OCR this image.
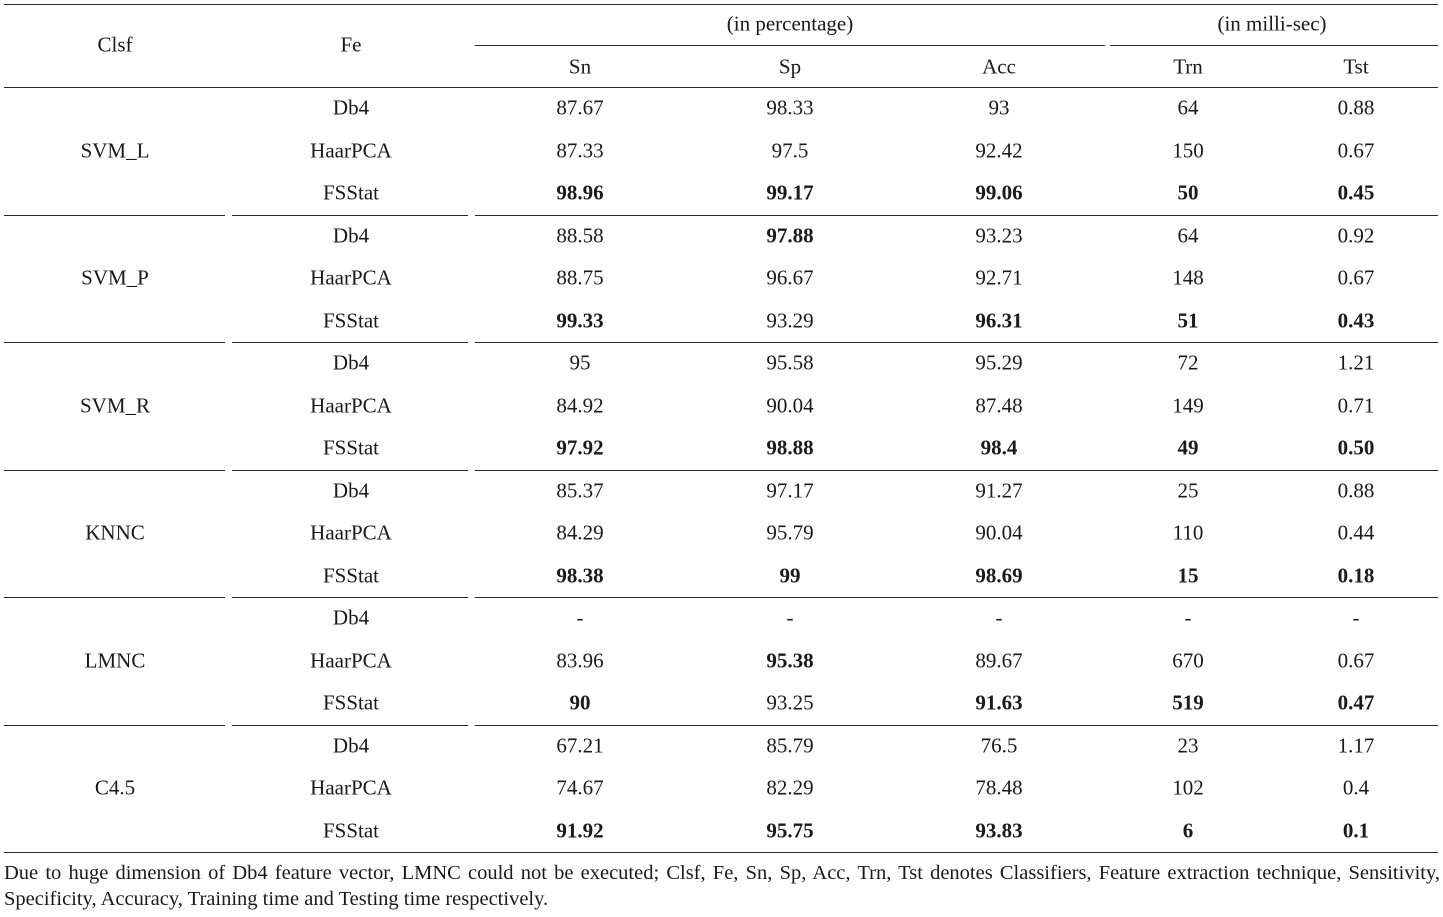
Clsf	Fe
(in percentage)	(in milli-sec)
Sn	Sp	Acc	Trn	Tst
SVM_L
Db4	87.67	98.33	93	64	0.88
HaarPCA	87.33	97.5	92.42	150	0.67
FSStat	98.96	99.17	99.06	50	0.45
SVM_P
Db4	88.58	97.88	93.23	64	0.92
HaarPCA	88.75	96.67	92.71	148	0.67
FSStat	99.33	93.29	96.31	51	0.43
SVM_R
Db4	95	95.58	95.29	72	1.21
HaarPCA	84.92	90.04	87.48	149	0.71
FSStat	97.92	98.88	98.4	49	0.50
KNNC
Db4	85.37	97.17	91.27	25	0.88
HaarPCA	84.29	95.79	90.04	110	0.44
FSStat	98.38	99	98.69	15	0.18
LMNC
Db4	-	-	-	-	-
HaarPCA	83.96	95.38	89.67	670	0.67
FSStat	90	93.25	91.63	519	0.47
C4.5
Db4	67.21	85.79	76.5	23	1.17
HaarPCA	74.67	82.29	78.48	102	0.4
FSStat	91.92	95.75	93.83	6	0.1
Due to huge dimension of Db4 feature vector, LMNC could not be executed; Clsf, Fe, Sn, Sp, Acc, Trn, Tst denotes Classifiers, Feature extraction technique, Sensitivity, Specificity, Accuracy, Training time and Testing time respectively.
